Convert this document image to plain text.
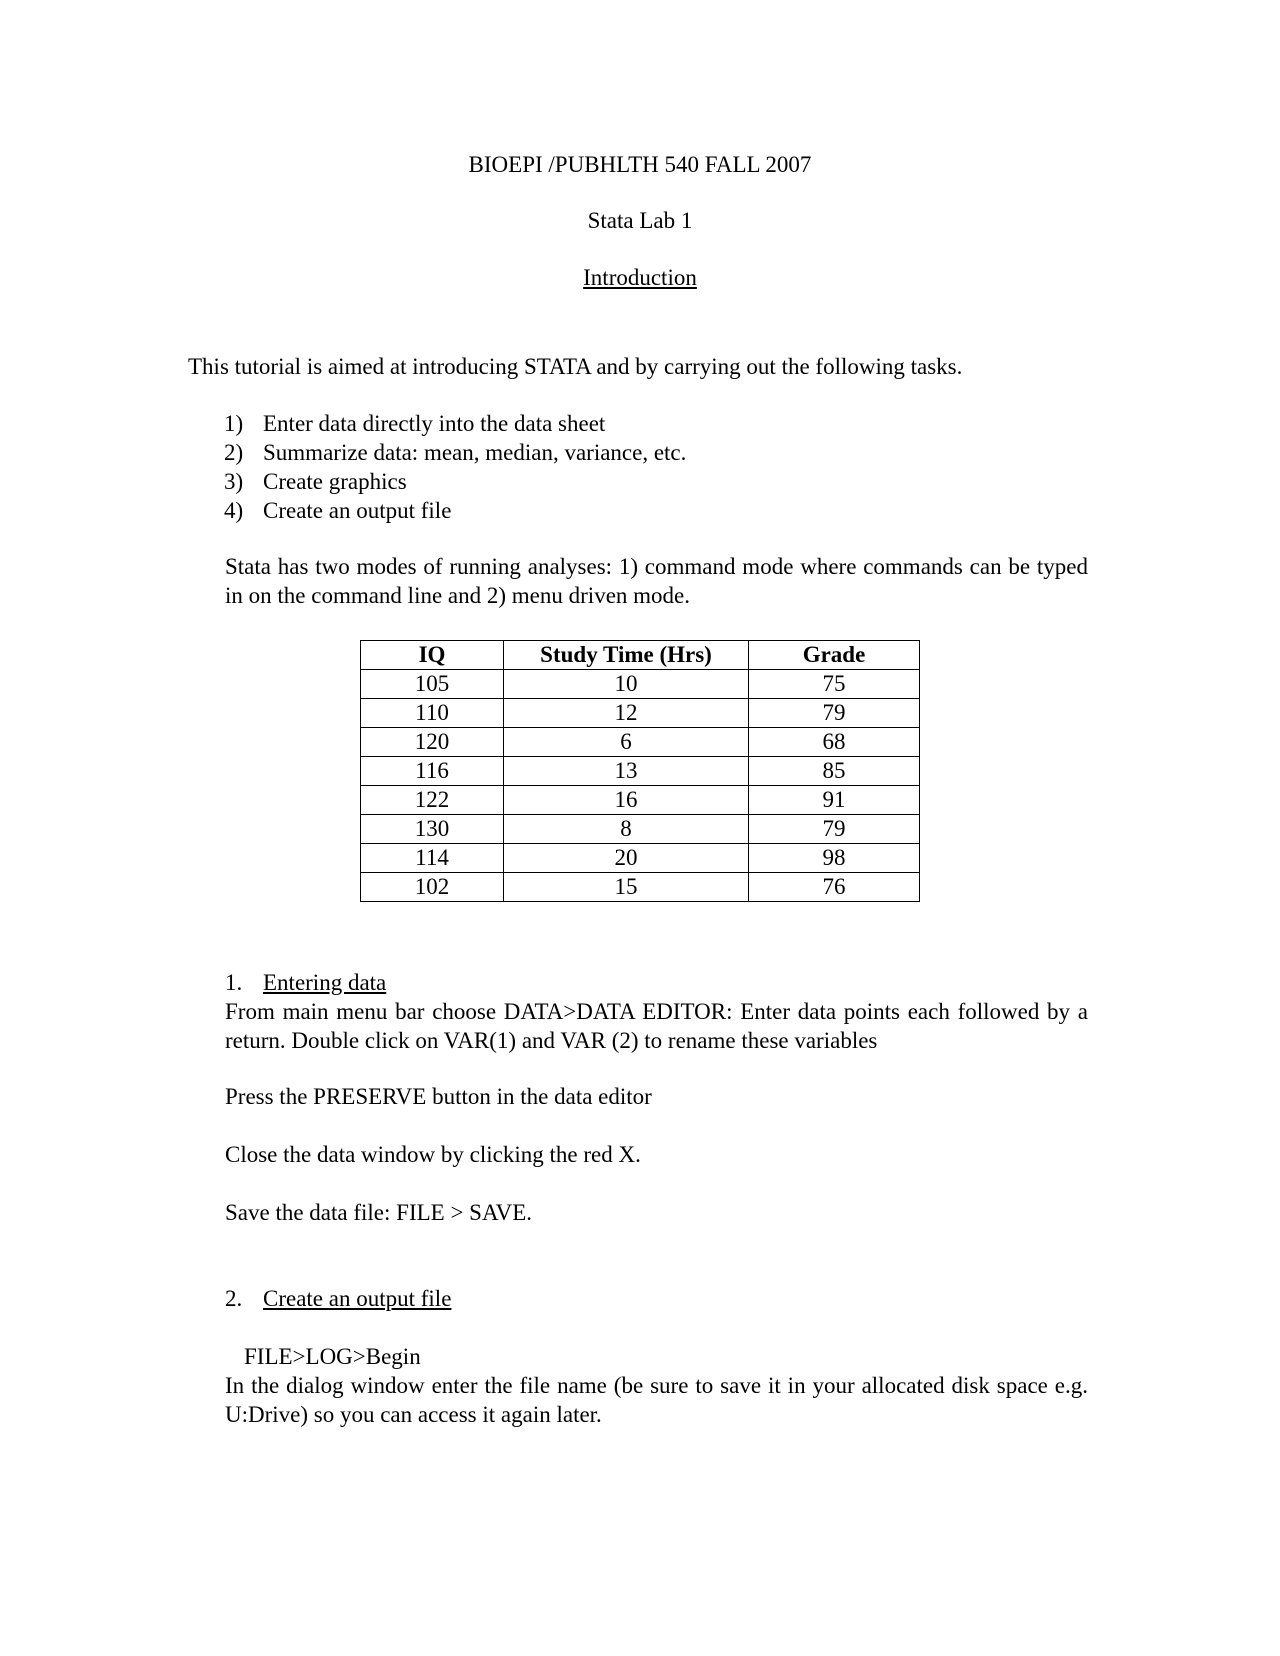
BIOEPI /PUBHLTH 540 FALL 2007
Stata Lab 1
Introduction
This tutorial is aimed at introducing STATA and by carrying out the following tasks.
1) Enter data directly into the data sheet
2) Summarize data: mean, median, variance, etc.
3) Create graphics
4) Create an output file
Stata has two modes of running analyses: 1) command mode where commands can be typed in on the command line and 2) menu driven mode.
IQ	Study Time (Hrs)	Grade
105	10	75
110	12	79
120	6	68
116	13	85
122	16	91
130	8	79
114	20	98
102	15	76
1. Entering data
From main menu bar choose DATA>DATA EDITOR: Enter data points each followed by a return. Double click on VAR(1) and VAR (2) to rename these variables
Press the PRESERVE button in the data editor
Close the data window by clicking the red X.
Save the data file: FILE > SAVE.
2. Create an output file
FILE>LOG>Begin
In the dialog window enter the file name (be sure to save it in your allocated disk space e.g. U:Drive) so you can access it again later.
